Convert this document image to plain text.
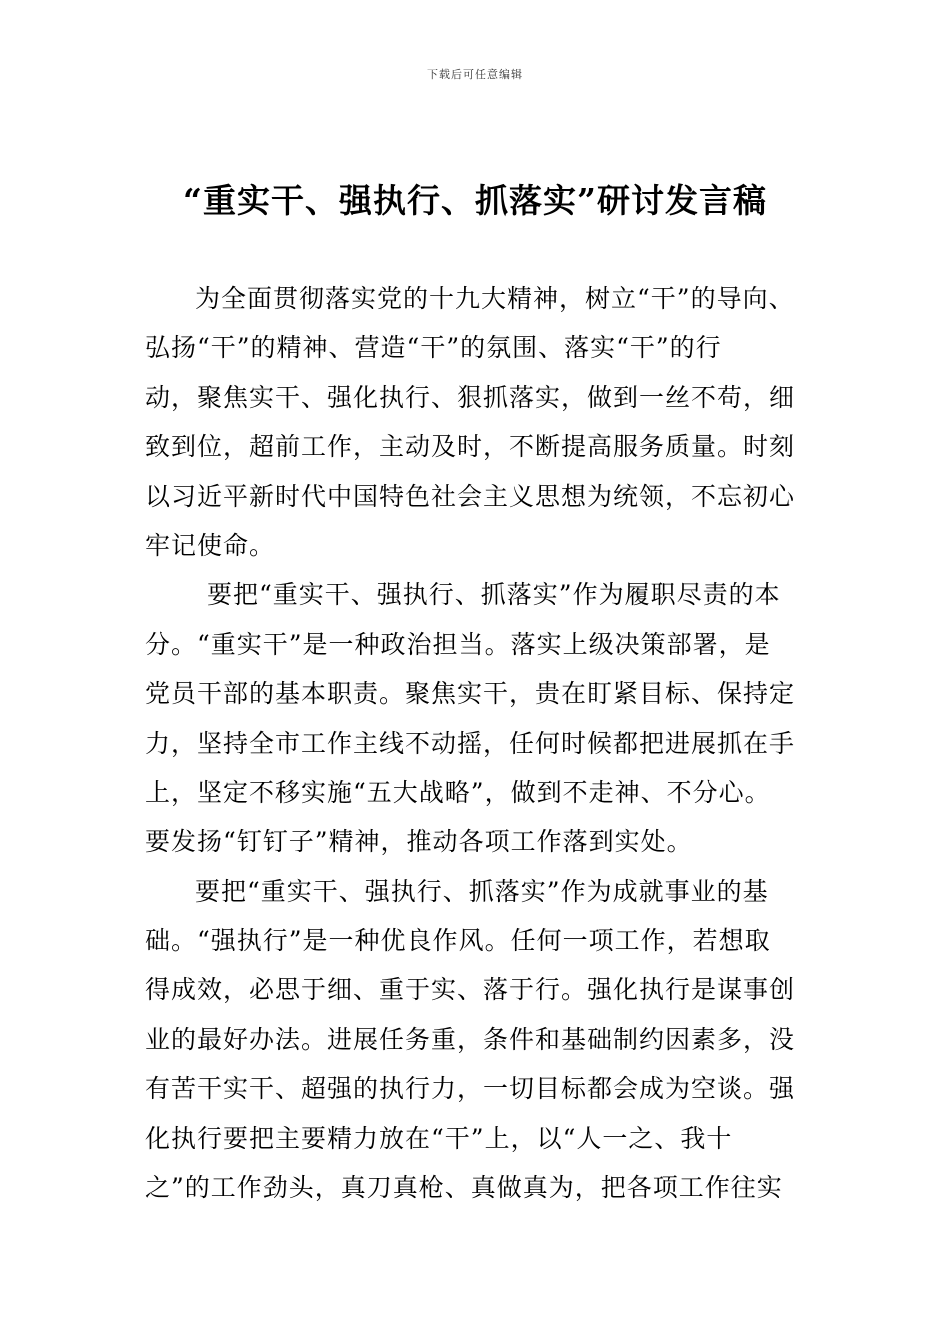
下载后可任意编辑
“重实干、强执行、抓落实”研讨发言稿
为全面贯彻落实党的十九大精神，树立“干”的导向、
弘扬“干”的精神、营造“干”的氛围、落实“干”的行
动，聚焦实干、强化执行、狠抓落实，做到一丝不苟，细
致到位，超前工作，主动及时，不断提高服务质量。时刻
以习近平新时代中国特色社会主义思想为统领，不忘初心
牢记使命。
要把“重实干、强执行、抓落实”作为履职尽责的本
分。“重实干”是一种政治担当。落实上级决策部署，是
党员干部的基本职责。聚焦实干，贵在盯紧目标、保持定
力，坚持全市工作主线不动摇，任何时候都把进展抓在手
上，坚定不移实施“五大战略”，做到不走神、不分心。
要发扬“钉钉子”精神，推动各项工作落到实处。
要把“重实干、强执行、抓落实”作为成就事业的基
础。“强执行”是一种优良作风。任何一项工作，若想取
得成效，必思于细、重于实、落于行。强化执行是谋事创
业的最好办法。进展任务重，条件和基础制约因素多，没
有苦干实干、超强的执行力，一切目标都会成为空谈。强
化执行要把主要精力放在“干”上，以“人一之、我十
之”的工作劲头，真刀真枪、真做真为，把各项工作往实
